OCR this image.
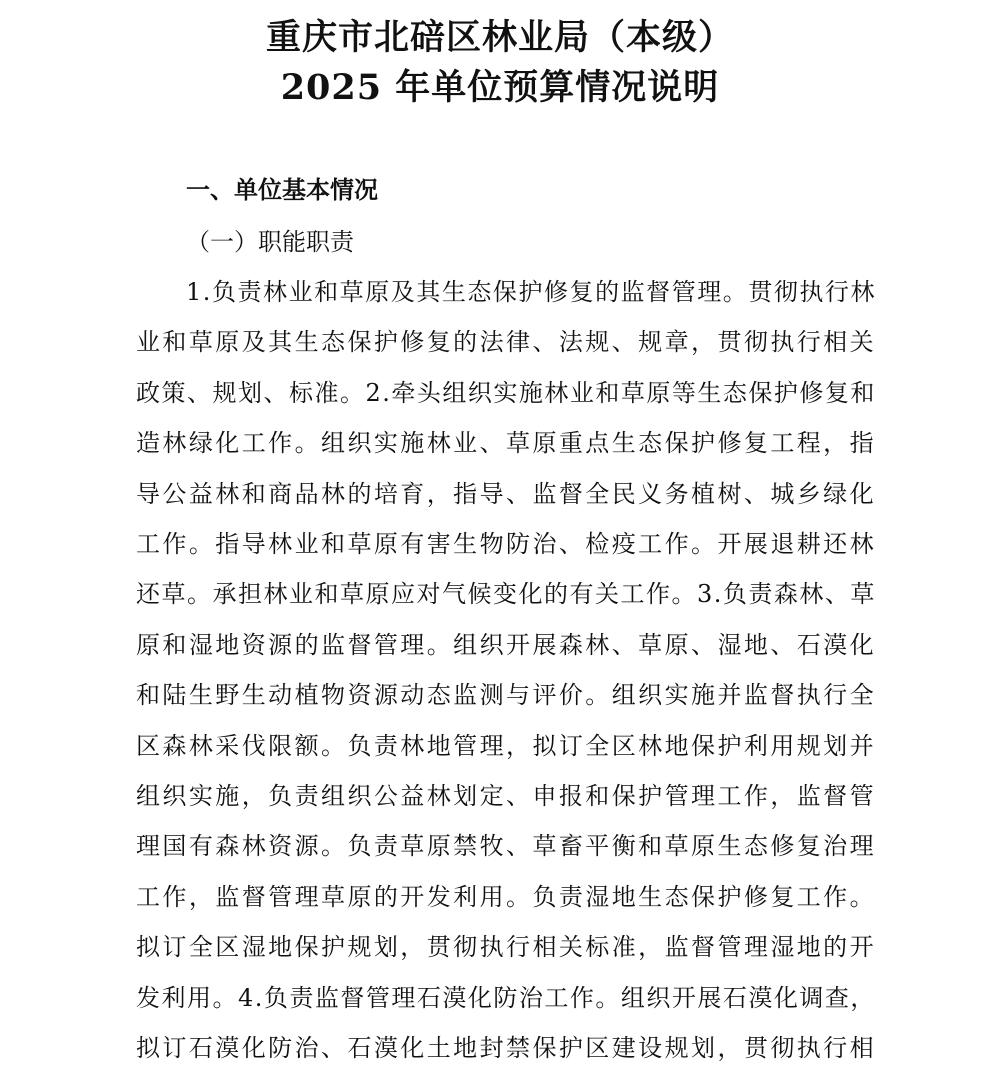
重庆市北碚区林业局（本级）
2025 年单位预算情况说明
一、单位基本情况
（一）职能职责
1.负责林业和草原及其生态保护修复的监督管理。贯彻执行林
业和草原及其生态保护修复的法律、法规、规章，贯彻执行相关
政策、规划、标准。2.牵头组织实施林业和草原等生态保护修复和
造林绿化工作。组织实施林业、草原重点生态保护修复工程，指
导公益林和商品林的培育，指导、监督全民义务植树、城乡绿化
工作。指导林业和草原有害生物防治、检疫工作。开展退耕还林
还草。承担林业和草原应对气候变化的有关工作。3.负责森林、草
原和湿地资源的监督管理。组织开展森林、草原、湿地、石漠化
和陆生野生动植物资源动态监测与评价。组织实施并监督执行全
区森林采伐限额。负责林地管理，拟订全区林地保护利用规划并
组织实施，负责组织公益林划定、申报和保护管理工作，监督管
理国有森林资源。负责草原禁牧、草畜平衡和草原生态修复治理
工作，监督管理草原的开发利用。负责湿地生态保护修复工作。
拟订全区湿地保护规划，贯彻执行相关标准，监督管理湿地的开
发利用。4.负责监督管理石漠化防治工作。组织开展石漠化调查，
拟订石漠化防治、石漠化土地封禁保护区建设规划，贯彻执行相
